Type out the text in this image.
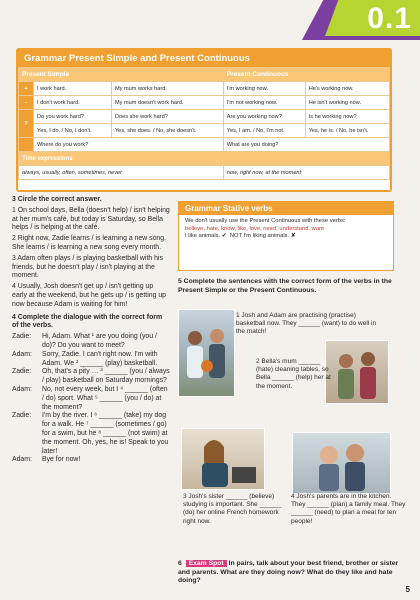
0.1
Grammar Present Simple and Present Continuous
Present Simple			Present Continuous	
+	I work hard.	My mum works hard.	I'm working now.	He's working now.
–	I don't work hard.	My mum doesn't work hard.	I'm not working now.	He isn't working now.
?	Do you work hard?	Does she work hard?	Are you working now?	Is he working now?
	Yes, I do. / No, I don't.	Yes, she does. / No, she doesn't.	Yes, I am. / No, I'm not.	Yes, he is. / No, he isn't.
	Where do you work?		What are you doing?	
Time expressions				
always, usually, often, sometimes, never			now, right now, at the moment	

3 Circle the correct answer.

1 On school days, Bella (doesn't help) / isn't helping at her mum's café, but today is Saturday, so Bella helps / is helping at the café.

2 Right now, Zadie learns / is learning a new song. She learns / is learning a new song every month.

3 Adam often plays / is playing basketball with his friends, but he doesn't play / isn't playing at the moment.

4 Usually, Josh doesn't get up / isn't getting up early at the weekend, but he gets up / is getting up now because Adam is waiting for him!

4 Complete the dialogue with the correct form of the verbs.

Zadie:	Hi, Adam. What ¹ are you doing (you / do)? Do you want to meet?
Adam:	Sorry, Zadie. I can't right now. I'm with Adam. We ² ______ (play) basketball.
Zadie:	Oh, that's a pity … ³ ______ (you / always / play) basketball on Saturday mornings?
Adam:	No, not every week, but I ⁴ ______ (often / do) sport. What ⁵ ______ (you / do) at the moment?
Zadie:	I'm by the river. I ⁶ ______ (take) my dog for a walk. He ⁷ ______ (sometimes / go) for a swim, but he ⁸ ______ (not swim) at the moment. Oh, yes, he is! Speak to you later!
Adam:	Bye for now!
Grammar Stative verbs
We don't usually use the Present Continuous with these verbs:
believe, hate, know, like, love, need, understand, want
I like animals. ✔ NOT I'm liking animals. ✘
5 Complete the sentences with the correct form of the verbs in the Present Simple or the Present Continuous.
1 Josh and Adam are practising (practise) basketball now. They ______ (want) to do well in the match!
2 Bella's mum ______ (hate) cleaning tables, so Bella ______ (help) her at the moment.
3 Josh's sister ______ (believe) studying is important. She ______ (do) her online French homework right now.
4 Josh's parents are in the kitchen. They ______ (plan) a family meal. They ______ (need) to plan a meal for ten people!
6  Exam Spot In pairs, talk about your best friend, brother or sister and parents. What are they doing now? What do they like and hate doing?
5
